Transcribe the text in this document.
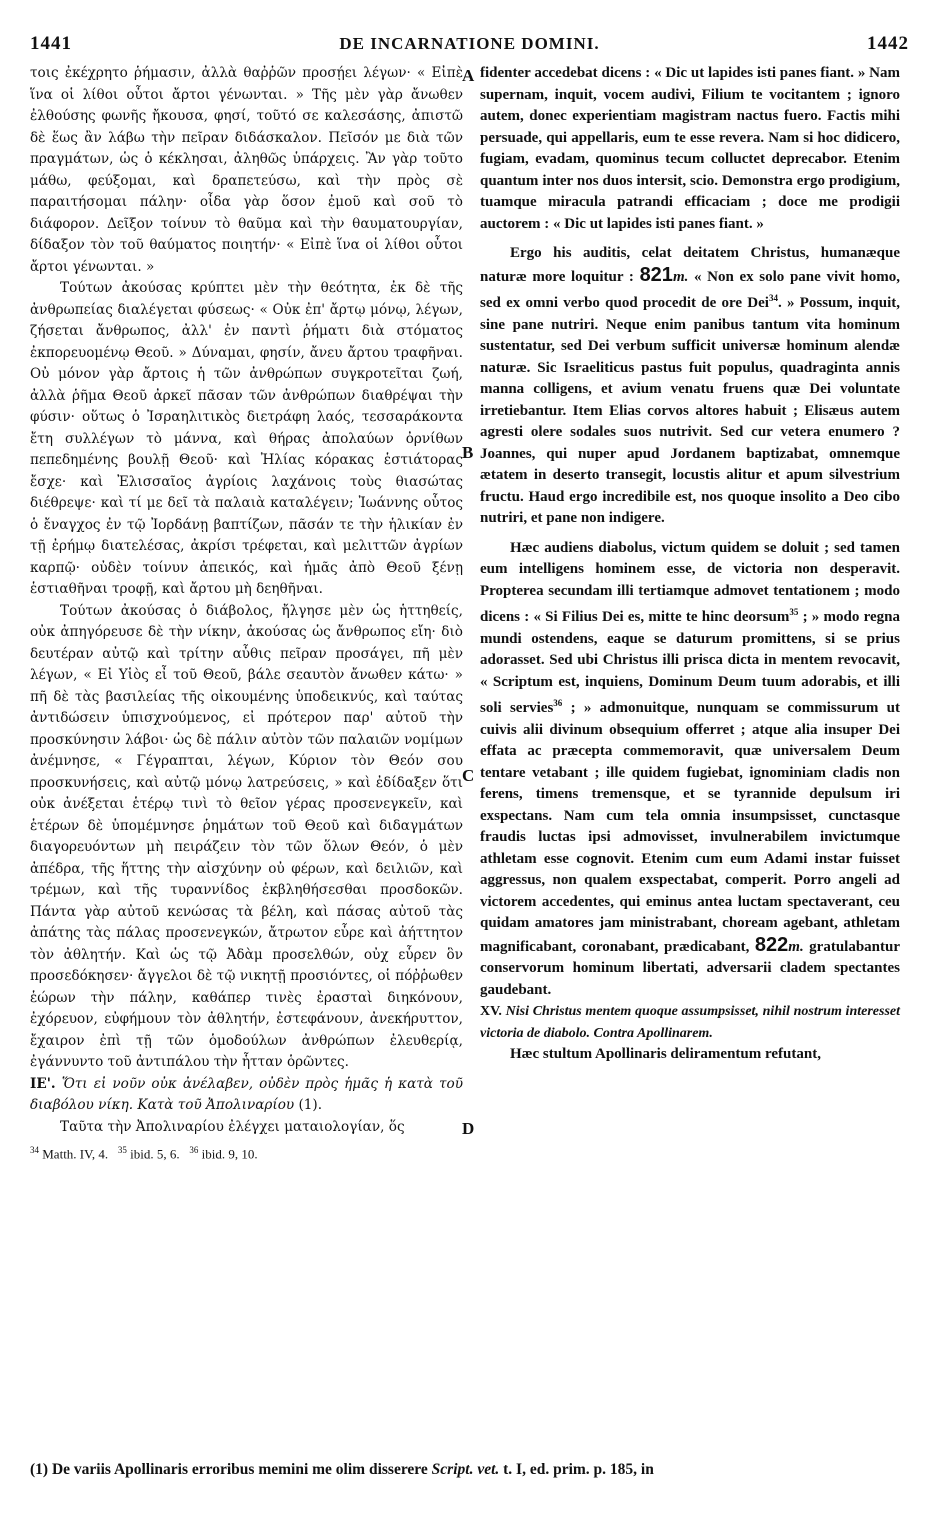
1441	DE INCARNATIONE DOMINI.	1442

τοις ἐκέχρητο ῥήμασιν, ἀλλὰ θαῤῥῶν προσῄει λέγων· « Εἰπὲ ἵνα οἱ λίθοι οὗτοι ἄρτοι γένωνται. » Τῆς μὲν γὰρ ἄνωθεν ἐλθούσης φωνῆς ἤκουσα, φησί, τοῦτό σε καλεσάσης, ἀπιστῶ δὲ ἕως ἂν λάβω τὴν πεῖραν διδάσκαλον. Πεῖσόν με διὰ τῶν πραγμάτων, ὡς ὁ κέκλησαι, ἀληθῶς ὑπάρχεις. Ἂν γὰρ τοῦτο μάθω, φεύξομαι, καὶ δραπετεύσω, καὶ τὴν πρὸς σὲ παραιτήσομαι πάλην· οἶδα γὰρ ὅσον ἐμοῦ καὶ σοῦ τὸ διάφορον. Δεῖξον τοίνυν τὸ θαῦμα καὶ τὴν θαυματουργίαν, δίδαξον τὸν τοῦ θαύματος ποιητήν· « Εἰπὲ ἵνα οἱ λίθοι οὗτοι ἄρτοι γένωνται. »

Τούτων ἀκούσας κρύπτει μὲν τὴν θεότητα, ἐκ δὲ τῆς ἀνθρωπείας διαλέγεται φύσεως· « Οὐκ ἐπ' ἄρτῳ μόνῳ, λέγων, ζήσεται ἄνθρωπος, ἀλλ' ἐν παντὶ ῥήματι διὰ στόματος ἐκπορευομένῳ Θεοῦ. » Δύναμαι, φησίν, ἄνευ ἄρτου τραφῆναι. Οὐ μόνον γὰρ ἄρτοις ἡ τῶν ἀνθρώπων συγκροτεῖται ζωή, ἀλλὰ ῥῆμα Θεοῦ ἀρκεῖ πᾶσαν τῶν ἀνθρώπων διαθρέψαι τὴν φύσιν· οὕτως ὁ Ἰσραηλιτικὸς διετράφη λαός, τεσσαράκοντα ἔτη συλλέγων τὸ μάννα, καὶ θήρας ἀπολαύων ὀρνίθων πεπεδημένης βουλῇ Θεοῦ· καὶ Ἠλίας κόρακας ἑστιάτορας ἔσχε· καὶ Ἐλισσαῖος ἀγρίοις λαχάνοις τοὺς θιασώτας διέθρεψε· καὶ τί με δεῖ τὰ παλαιὰ καταλέγειν; Ἰωάννης οὗτος ὁ ἔναγχος ἐν τῷ Ἰορδάνῃ βαπτίζων, πᾶσάν τε τὴν ἡλικίαν ἐν τῇ ἐρήμῳ διατελέσας, ἀκρίσι τρέφεται, καὶ μελιττῶν ἀγρίων καρπῷ· οὐδὲν τοίνυν ἀπεικός, καὶ ἡμᾶς ἀπὸ Θεοῦ ξένῃ ἑστιαθῆναι τροφῇ, καὶ ἄρτου μὴ δεηθῆναι.

Τούτων ἀκούσας ὁ διάβολος, ἤλγησε μὲν ὡς ἡττηθείς, οὐκ ἀπηγόρευσε δὲ τὴν νίκην, ἀκούσας ὡς ἄνθρωπος εἴη· διὸ δευτέραν αὐτῷ καὶ τρίτην αὖθις πεῖραν προσάγει, πῆ μὲν λέγων, « Εἰ Υἱὸς εἶ τοῦ Θεοῦ, βάλε σεαυτὸν ἄνωθεν κάτω· » πῆ δὲ τὰς βασιλείας τῆς οἰκουμένης ὑποδεικνύς, καὶ ταύτας ἀντιδώσειν ὑπισχνούμενος, εἰ πρότερον παρ' αὐτοῦ τὴν προσκύνησιν λάβοι· ὡς δὲ πάλιν αὐτὸν τῶν παλαιῶν νομίμων ἀνέμνησε, « Γέγραπται, λέγων, Κύριον τὸν Θεόν σου προσκυνήσεις, καὶ αὐτῷ μόνῳ λατρεύσεις, » καὶ ἐδίδαξεν ὅτι οὐκ ἀνέξεται ἑτέρῳ τινὶ τὸ θεῖον γέρας προσενεγκεῖν, καὶ ἑτέρων δὲ ὑπομέμνησε ῥημάτων τοῦ Θεοῦ καὶ διδαγμάτων διαγορευόντων μὴ πειράζειν τὸν τῶν ὅλων Θεόν, ὁ μὲν ἀπέδρα, τῆς ἥττης τὴν αἰσχύνην οὐ φέρων, καὶ δειλιῶν, καὶ τρέμων, καὶ τῆς τυραννίδος ἐκβληθήσεσθαι προσδοκῶν. Πάντα γὰρ αὐτοῦ κενώσας τὰ βέλη, καὶ πάσας αὐτοῦ τὰς ἀπάτης τὰς πάλας προσενεγκών, ἄτρωτον εὗρε καὶ ἀήττητον τὸν ἀθλητήν. Καὶ ὡς τῷ Ἀδὰμ προσελθών, οὐχ εὗρεν ὃν προσεδόκησεν· ἄγγελοι δὲ τῷ νικητῇ προσιόντες, οἱ πόῤῥωθεν ἑώρων τὴν πάλην, καθάπερ τινὲς ἐρασταὶ διηκόνουν, ἐχόρευον, εὐφήμουν τὸν ἀθλητήν, ἐστεφάνουν, ἀνεκήρυττον, ἔχαιρον ἐπὶ τῇ τῶν ὁμοδούλων ἀνθρώπων ἐλευθερίᾳ, ἐγάννυντο τοῦ ἀντιπάλου τὴν ἧτταν ὁρῶντες.

ΙΕ'. Ὅτι εἰ νοῦν οὐκ ἀνέλαβεν, οὐδὲν πρὸς ἡμᾶς ἡ κατὰ τοῦ διαβόλου νίκη. Κατὰ τοῦ Ἀπολιναρίου (1).

Ταῦτα τὴν Ἀπολιναρίου ἐλέγχει ματαιολογίαν, ὅς

$^{34}$ Matth. IV, 4. $^{35}$ ibid. 5, 6. $^{36}$ ibid. 9, 10.

A
B
C
D

fidenter accedebat dicens : « Dic ut lapides isti panes fiant. » Nam supernam, inquit, vocem audivi, Filium te vocitantem ; ignoro autem, donec experientiam magistram nactus fuero. Factis mihi persuade, qui appellaris, eum te esse revera. Nam si hoc didicero, fugiam, evadam, quominus tecum colluctet deprecabor. Etenim quantum inter nos duos intersit, scio. Demonstra ergo prodigium, tuamque miracula patrandi efficaciam ; doce me prodigii auctorem : « Dic ut lapides isti panes fiant. »

Ergo his auditis, celat deitatem Christus, humanæque naturæ more loquitur : 821m. « Non ex solo pane vivit homo, sed ex omni verbo quod procedit de ore Dei$^{34}$. » Possum, inquit, sine pane nutriri. Neque enim panibus tantum vita hominum sustentatur, sed Dei verbum sufficit universæ hominum alendæ naturæ. Sic Israeliticus pastus fuit populus, quadraginta annis manna colligens, et avium venatu fruens quæ Dei voluntate irretiebantur. Item Elias corvos altores habuit ; Elisæus autem agresti olere sodales suos nutrivit. Sed cur vetera enumero ? Joannes, qui nuper apud Jordanem baptizabat, omnemque ætatem in deserto transegit, locustis alitur et apum silvestrium fructu. Haud ergo incredibile est, nos quoque insolito a Deo cibo nutriri, et pane non indigere.

Hæc audiens diabolus, victum quidem se doluit ; sed tamen eum intelligens hominem esse, de victoria non desperavit. Propterea secundam illi tertiamque admovet tentationem ; modo dicens : « Si Filius Dei es, mitte te hinc deorsum$^{35}$ ; » modo regna mundi ostendens, eaque se daturum promittens, si se prius adorasset. Sed ubi Christus illi prisca dicta in mentem revocavit, « Scriptum est, inquiens, Dominum Deum tuum adorabis, et illi soli servies$^{36}$ ; » admonuitque, nunquam se commissurum ut cuivis alii divinum obsequium offerret ; atque alia insuper Dei effata ac præcepta commemoravit, quæ universalem Deum tentare vetabant ; ille quidem fugiebat, ignominiam cladis non ferens, timens tremensque, et se tyrannide depulsum iri exspectans. Nam cum tela omnia insumpsisset, cunctasque fraudis luctas ipsi admovisset, invulnerabilem invictumque athletam esse cognovit. Etenim cum eum Adami instar fuisset aggressus, non qualem exspectabat, comperit. Porro angeli ad victorem accedentes, qui eminus antea luctam spectaverant, ceu quidam amatores jam ministrabant, choream agebant, athletam magnificabant, coronabant, prædicabant, 822m. gratulabantur conservorum hominum libertati, adversarii cladem spectantes gaudebant.

XV. Nisi Christus mentem quoque assumpsisset, nihil nostrum interesset victoria de diabolo. Contra Apollinarem.

Hæc stultum Apollinaris deliramentum refutant,

(1) De variis Apollinaris erroribus memini me olim disserere Script. vet. t. I, ed. prim. p. 185, in
